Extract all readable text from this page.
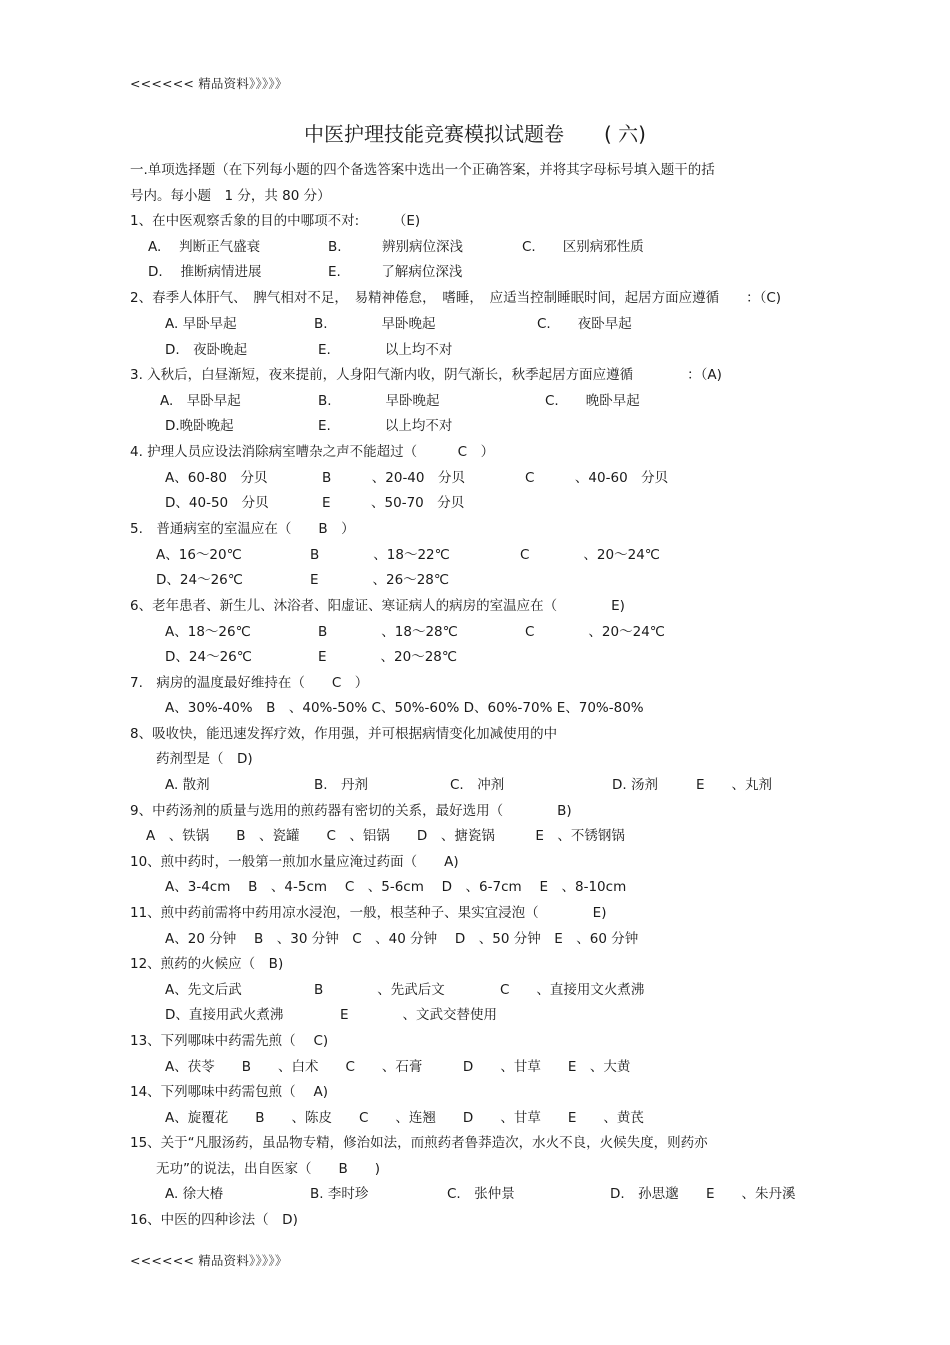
<<<<<< 精品资料》》》》》
中医护理技能竞赛模拟试题卷　　( 六)
一.单项选择题（在下列每小题的四个备选答案中选出一个正确答案，并将其字母标号填入题干的括
号内。每小题　1 分，共 80 分）
1、在中医观察舌象的目的中哪项不对:　　　（E)
A.　 判断正气盛衰	B.　　　辨别病位深浅	C.　　区别病邪性质
D.　 推断病情进展	E.　　　了解病位深浅
2、春季人体肝气、　脾气相对不足，　易精神倦怠，　嗜睡，　应适当控制睡眠时间，起居方面应遵循　　：（C)
A. 早卧早起	B.　　　　早卧晚起	C.　　夜卧早起
D.　夜卧晚起	E.　　　　以上均不对
3. 入秋后，白昼渐短，夜来提前，人身阳气渐内收，阴气渐长，秋季起居方面应遵循　　　　：（A)
A.　早卧早起	B.　　　　早卧晚起	C.　　晚卧早起
D.晚卧晚起	E.　　　　以上均不对
4. 护理人员应设法消除病室嘈杂之声不能超过（　　　C　）
A、60-80　分贝	B　　　、20-40　分贝	C　　　、40-60　分贝
D、40-50　分贝	E　　　、50-70　分贝
5.　普通病室的室温应在（　　B　）
A、16～20℃	B　　　　、18～22℃	C　　　　、20～24℃
D、24～26℃	E　　　　、26～28℃
6、老年患者、新生儿、沐浴者、阳虚证、寒证病人的病房的室温应在（　　　　E)
A、18～26℃	B　　　　、18～28℃	C　　　　、20～24℃
D、24～26℃	E　　　　、20～28℃
7.　病房的温度最好维持在（　　C　）
A、30%-40%　B　、40%-50% C、50%-60% D、60%-70% E、70%-80%
8、吸收快，能迅速发挥疗效，作用强，并可根据病情变化加减使用的中
药剂型是（　D)
A. 散剂	B.　丹剂	C.　冲剂	D. 汤剂	E　　、丸剂
9、中药汤剂的质量与选用的煎药器有密切的关系，最好选用（　　　　B)
A　、铁锅　　B　、瓷罐　　C　、铝锅　　D　、搪瓷锅　　　E　、不锈钢锅
10、煎中药时，一般第一煎加水量应淹过药面（　　A)
A、3-4cm　 B　、4-5cm　 C　、5-6cm　 D　、6-7cm　 E　、8-10cm
11、煎中药前需将中药用凉水浸泡，一般，根茎种子、果实宜浸泡（　　　　E)
A、20 分钟　 B　、30 分钟　C　、40 分钟　 D　、50 分钟　E　、60 分钟
12、煎药的火候应（　B)
A、先文后武	B　　　　、先武后文	C　　、直接用文火煮沸
D、直接用武火煮沸	E　　　　、文武交替使用
13、下列哪味中药需先煎（　 C)
A、茯苓　　B　　、白术　　C　　、石膏　　　D　　、甘草　　E　、大黄
14、下列哪味中药需包煎（　 A)
A、旋覆花　　B　　、陈皮　　C　　、连翘　　D　　、甘草　　E　　、黄芪
15、关于“凡服汤药，虽品物专精，修治如法，而煎药者鲁莽造次，水火不良，火候失度，则药亦
无功”的说法，出自医家（　　B　　)
A. 徐大椿	B. 李时珍	C.　张仲景	D.　孙思邈 E　　、朱丹溪
16、中医的四种诊法（　D)
<<<<<< 精品资料》》》》》
